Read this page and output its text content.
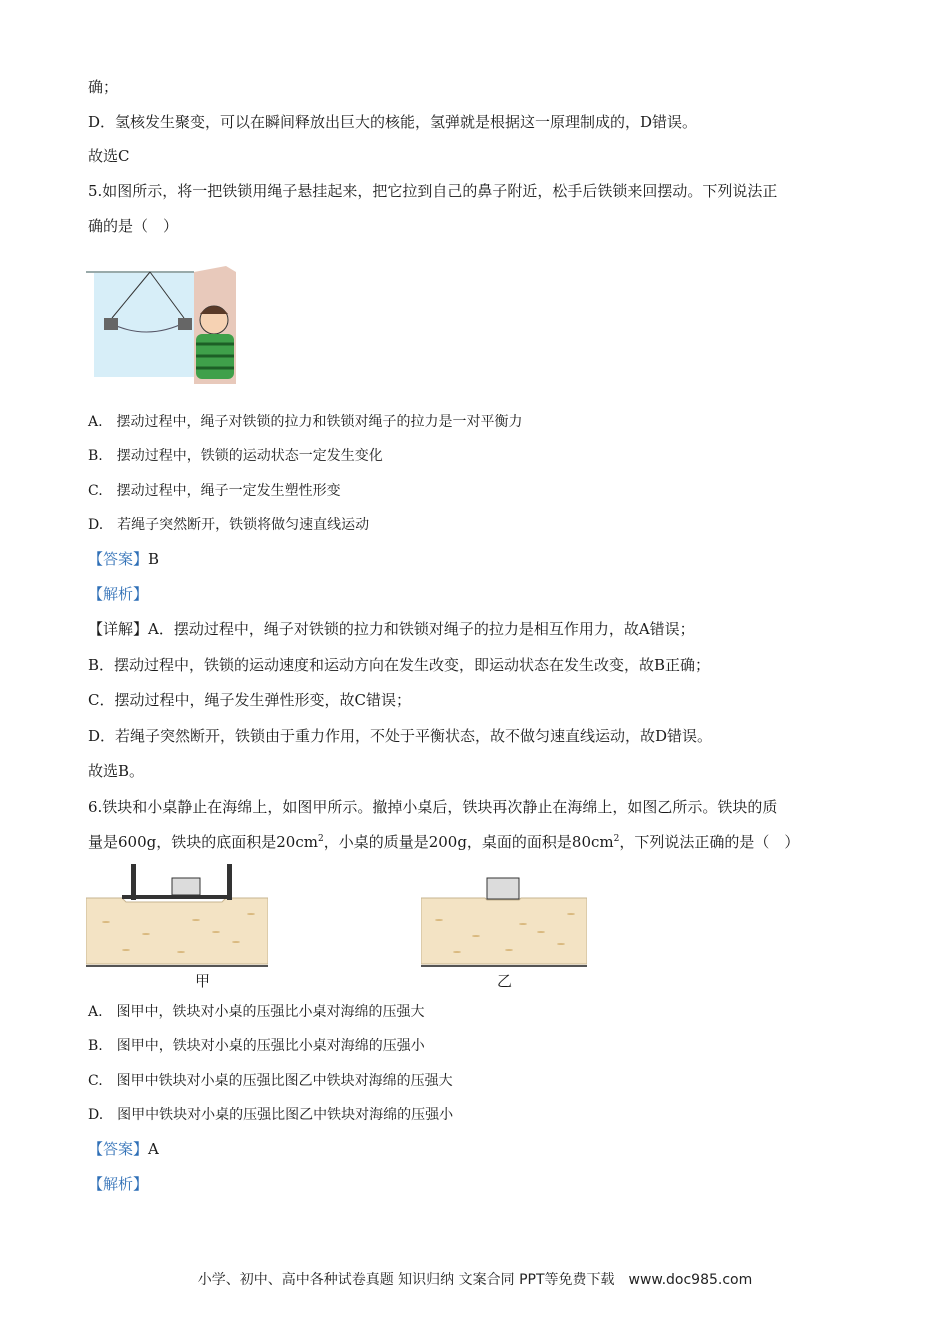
确；
D．氢核发生聚变，可以在瞬间释放出巨大的核能，氢弹就是根据这一原理制成的，D错误。
故选C
5.如图所示，将一把铁锁用绳子悬挂起来，把它拉到自己的鼻子附近，松手后铁锁来回摆动。下列说法正
确的是（　）
A.　摆动过程中，绳子对铁锁的拉力和铁锁对绳子的拉力是一对平衡力
B.　摆动过程中，铁锁的运动状态一定发生变化
C.　摆动过程中，绳子一定发生塑性形变
D.　若绳子突然断开，铁锁将做匀速直线运动
【答案】B
【解析】
【详解】A．摆动过程中，绳子对铁锁的拉力和铁锁对绳子的拉力是相互作用力，故A错误；
B．摆动过程中，铁锁的运动速度和运动方向在发生改变，即运动状态在发生改变，故B正确；
C．摆动过程中，绳子发生弹性形变，故C错误；
D．若绳子突然断开，铁锁由于重力作用，不处于平衡状态，故不做匀速直线运动，故D错误。
故选B。
6.铁块和小桌静止在海绵上，如图甲所示。撤掉小桌后，铁块再次静止在海绵上，如图乙所示。铁块的质
量是600g，铁块的底面积是$20cm^2$，小桌的质量是200g，桌面的面积是$80cm^2$，下列说法正确的是（　）
甲	乙
A.　图甲中，铁块对小桌的压强比小桌对海绵的压强大
B.　图甲中，铁块对小桌的压强比小桌对海绵的压强小
C.　图甲中铁块对小桌的压强比图乙中铁块对海绵的压强大
D.　图甲中铁块对小桌的压强比图乙中铁块对海绵的压强小
【答案】A
【解析】
小学、初中、高中各种试卷真题 知识归纳 文案合同 PPT等免费下载　www.doc985.com
